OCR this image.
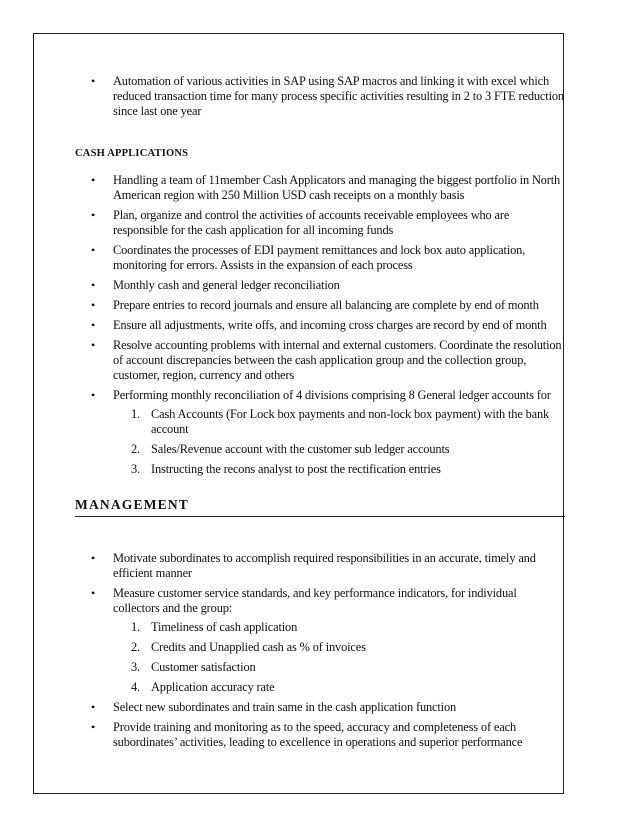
• Automation of various activities in SAP using SAP macros and linking it with excel which reduced transaction time for many process specific activities resulting in 2 to 3 FTE reduction since last one year
CASH APPLICATIONS
• Handling a team of 11member Cash Applicators and managing the biggest portfolio in North American region with 250 Million USD cash receipts on a monthly basis
• Plan, organize and control the activities of accounts receivable employees who are responsible for the cash application for all incoming funds
• Coordinates the processes of EDI payment remittances and lock box auto application, monitoring for errors. Assists in the expansion of each process
• Monthly cash and general ledger reconciliation
• Prepare entries to record journals and ensure all balancing are complete by end of month
• Ensure all adjustments, write offs, and incoming cross charges are record by end of month
• Resolve accounting problems with internal and external customers. Coordinate the resolution of account discrepancies between the cash application group and the collection group, customer, region, currency and others
• Performing monthly reconciliation of 4 divisions comprising 8 General ledger accounts for
1. Cash Accounts (For Lock box payments and non-lock box payment) with the bank account
2. Sales/Revenue account with the customer sub ledger accounts
3. Instructing the recons analyst to post the rectification entries
MANAGEMENT
• Motivate subordinates to accomplish required responsibilities in an accurate, timely and efficient manner
• Measure customer service standards, and key performance indicators, for individual collectors and the group:
1. Timeliness of cash application
2. Credits and Unapplied cash as % of invoices
3. Customer satisfaction
4. Application accuracy rate
• Select new subordinates and train same in the cash application function
• Provide training and monitoring as to the speed, accuracy and completeness of each subordinates’ activities, leading to excellence in operations and superior performance
